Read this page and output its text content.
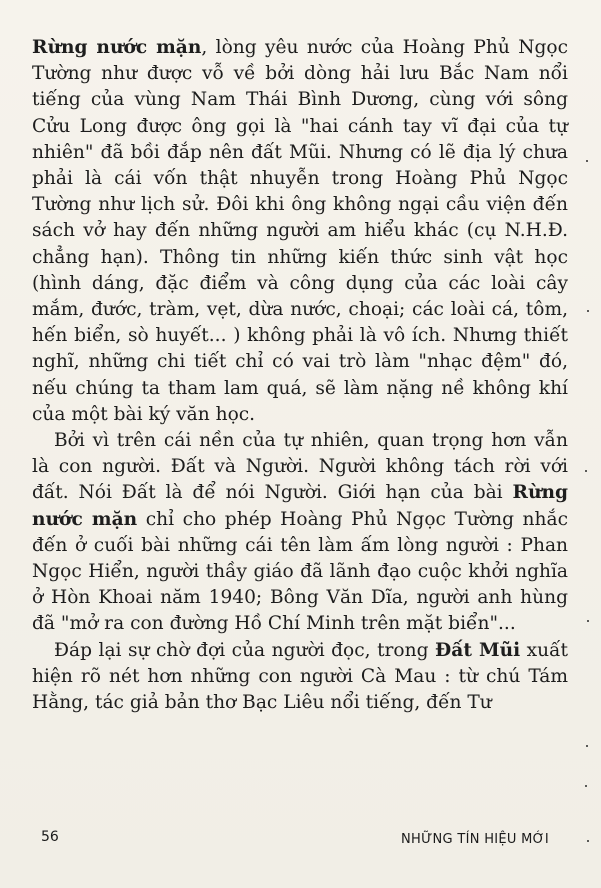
Rừng nước mặn, lòng yêu nước của Hoàng Phủ Ngọc Tường như được vỗ về bởi dòng hải lưu Bắc Nam nổi tiếng của vùng Nam Thái Bình Dương, cùng với sông Cửu Long được ông gọi là "hai cánh tay vĩ đại của tự nhiên" đã bồi đắp nên đất Mũi. Nhưng có lẽ địa lý chưa phải là cái vốn thật nhuyễn trong Hoàng Phủ Ngọc Tường như lịch sử. Đôi khi ông không ngại cầu viện đến sách vở hay đến những người am hiểu khác (cụ N.H.Đ. chẳng hạn). Thông tin những kiến thức sinh vật học (hình dáng, đặc điểm và công dụng của các loài cây mắm, đước, tràm, vẹt, dừa nước, choại; các loài cá, tôm, hến biển, sò huyết... ) không phải là vô ích. Nhưng thiết nghĩ, những chi tiết chỉ có vai trò làm "nhạc đệm" đó, nếu chúng ta tham lam quá, sẽ làm nặng nề không khí của một bài ký văn học.

Bởi vì trên cái nền của tự nhiên, quan trọng hơn vẫn là con người. Đất và Người. Người không tách rời với đất. Nói Đất là để nói Người. Giới hạn của bài Rừng nước mặn chỉ cho phép Hoàng Phủ Ngọc Tường nhắc đến ở cuối bài những cái tên làm ấm lòng người : Phan Ngọc Hiển, người thầy giáo đã lãnh đạo cuộc khởi nghĩa ở Hòn Khoai năm 1940; Bông Văn Dĩa, người anh hùng đã "mở ra con đường Hồ Chí Minh trên mặt biển"...

Đáp lại sự chờ đợi của người đọc, trong Đất Mũi xuất hiện rõ nét hơn những con người Cà Mau : từ chú Tám Hằng, tác giả bản thơ Bạc Liêu nổi tiếng, đến Tư

56	NHỮNG TÍN HIỆU MỚI
